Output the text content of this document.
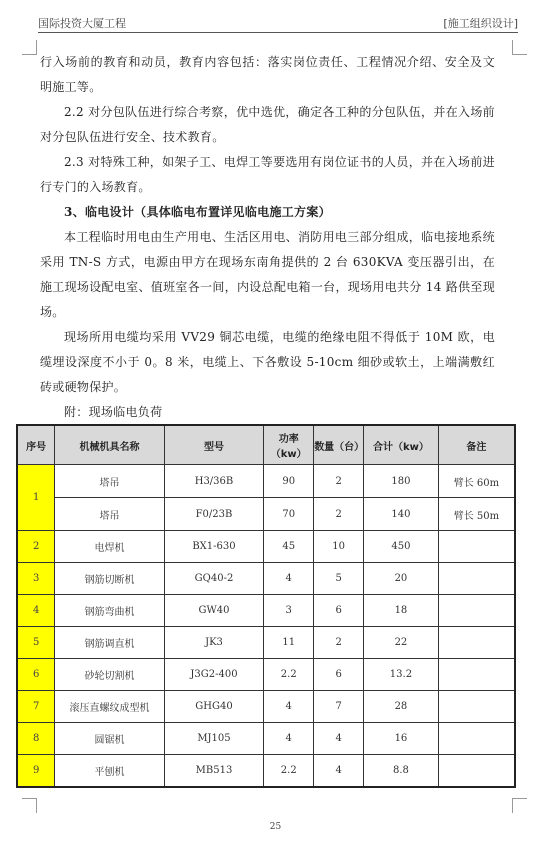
国际投资大厦工程	[施工组织设计]

行入场前的教育和动员，教育内容包括：落实岗位责任、工程情况介绍、安全及文明施工等。

2.2 对分包队伍进行综合考察，优中选优，确定各工种的分包队伍，并在入场前对分包队伍进行安全、技术教育。

2.3 对特殊工种，如架子工、电焊工等要选用有岗位证书的人员，并在入场前进行专门的入场教育。

3、临电设计（具体临电布置详见临电施工方案）

本工程临时用电由生产用电、生活区用电、消防用电三部分组成，临电接地系统采用 TN-S 方式，电源由甲方在现场东南角提供的 2 台 630KVA 变压器引出，在施工现场设配电室、值班室各一间，内设总配电箱一台，现场用电共分 14 路供至现场。

现场所用电缆均采用 VV29 铜芯电缆，电缆的绝缘电阻不得低于 10M 欧，电缆埋设深度不小于 0。8 米，电缆上、下各敷设 5-10cm 细砂或软土，上端满敷红砖或硬物保护。

附：现场临电负荷

序号	机械机具名称	型号	功率（kw）	数量（台）	合计（kw）	备注
1	塔吊	H3/36B	90	2	180	臂长 60m
	塔吊	F0/23B	70	2	140	臂长 50m
2	电焊机	BX1-630	45	10	450	
3	钢筋切断机	GQ40-2	4	5	20	
4	钢筋弯曲机	GW40	3	6	18	
5	钢筋调直机	JK3	11	2	22	
6	砂轮切割机	J3G2-400	2.2	6	13.2	
7	滚压直螺纹成型机	GHG40	4	7	28	
8	圆锯机	MJ105	4	4	16	
9	平刨机	MB513	2.2	4	8.8	
25
